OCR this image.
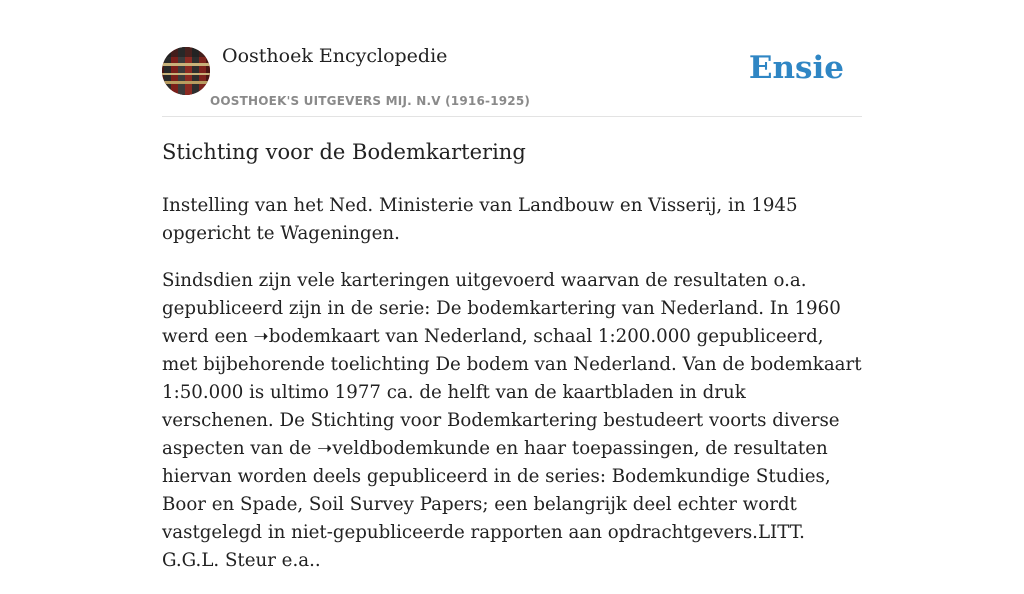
Oosthoek Encyclopedie
OOSTHOEK'S UITGEVERS MIJ. N.V (1916-1925)
Ensie
Stichting voor de Bodemkartering

Instelling van het Ned. Ministerie van Landbouw en Visserij, in 1945 opgericht te Wageningen.

Sindsdien zijn vele karteringen uitgevoerd waarvan de resultaten o.a. gepubliceerd zijn in de serie: De bodemkartering van Nederland. In 1960 werd een ➝bodemkaart van Nederland, schaal 1:200.000 gepubliceerd, met bijbehorende toelichting De bodem van Nederland. Van de bodemkaart 1:50.000 is ultimo 1977 ca. de helft van de kaartbladen in druk verschenen. De Stichting voor Bodemkartering bestudeert voorts diverse aspecten van de ➝veldbodemkunde en haar toepassingen, de resultaten hiervan worden deels gepubliceerd in de series: Bodemkundige Studies, Boor en Spade, Soil Survey Papers; een belangrijk deel echter wordt vastgelegd in niet-gepubliceerde rapporten aan opdrachtgevers.LITT. G.G.L. Steur e.a..
